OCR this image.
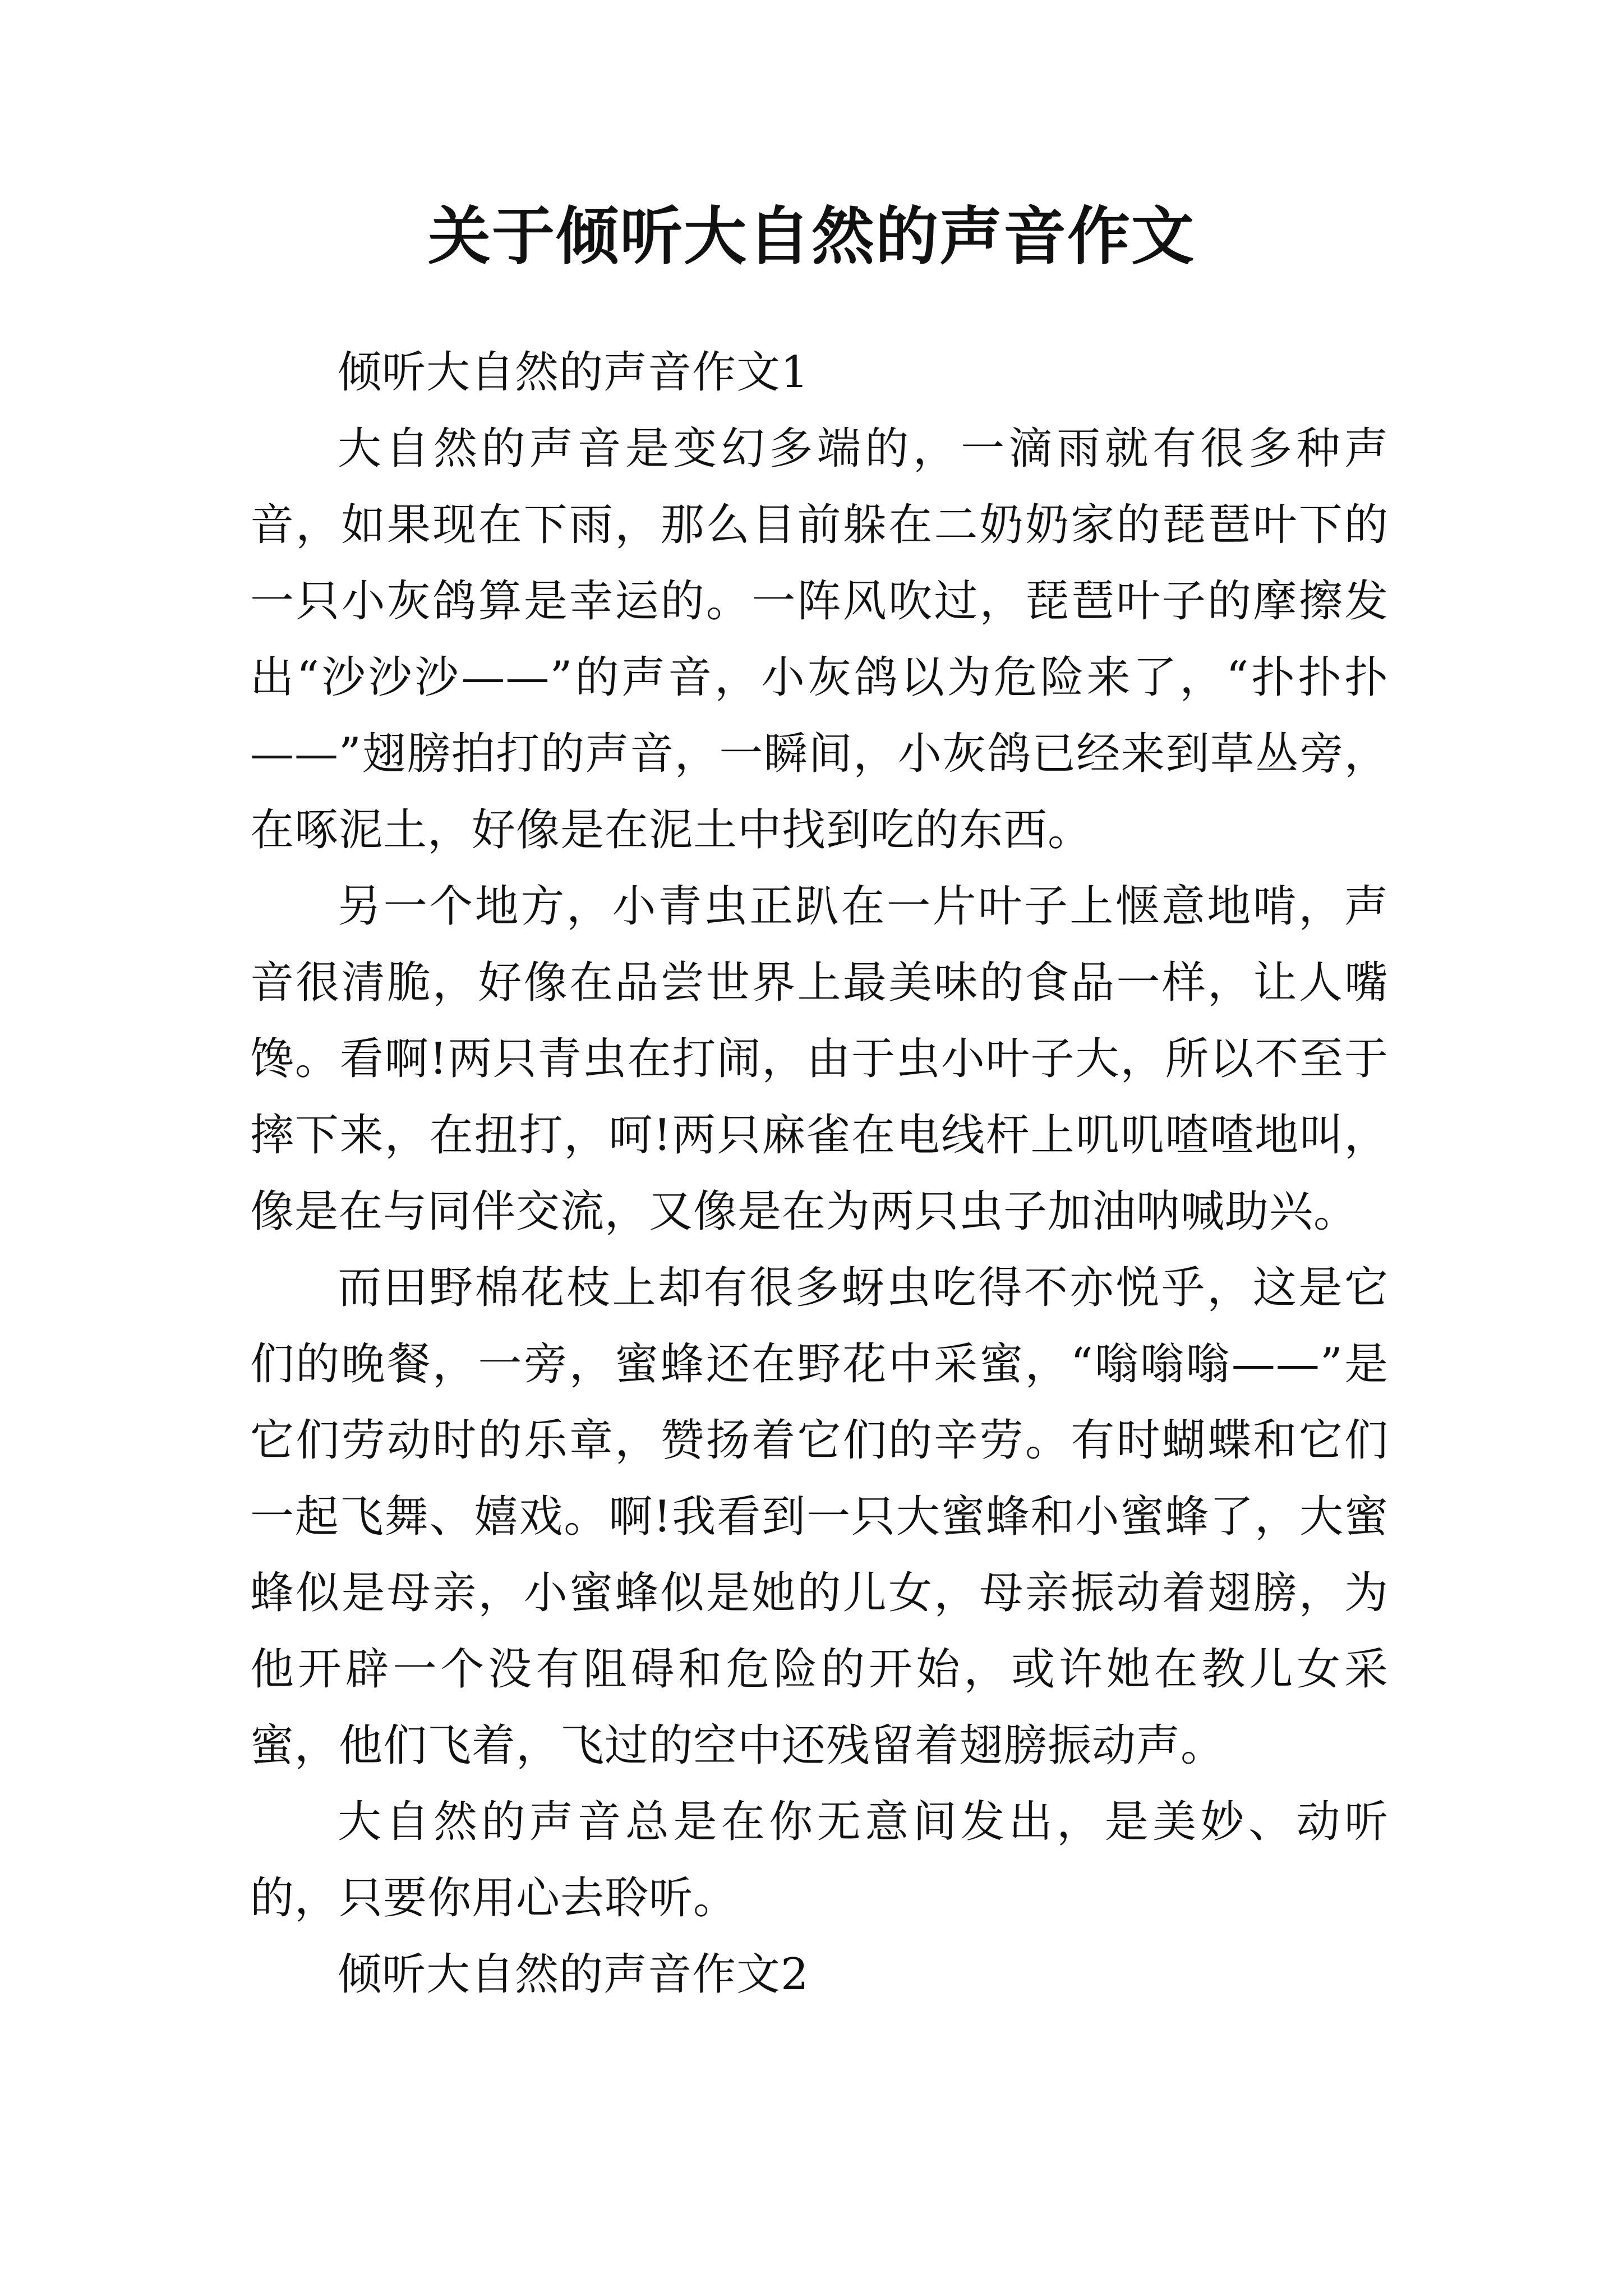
关于倾听大自然的声音作文

倾听大自然的声音作文1

大自然的声音是变幻多端的，一滴雨就有很多种声音，如果现在下雨，那么目前躲在二奶奶家的琵琶叶下的一只小灰鸽算是幸运的。一阵风吹过，琵琶叶子的摩擦发出“沙沙沙——”的声音，小灰鸽以为危险来了，“扑扑扑——”翅膀拍打的声音，一瞬间，小灰鸽已经来到草丛旁，在啄泥土，好像是在泥土中找到吃的东西。

另一个地方，小青虫正趴在一片叶子上惬意地啃，声音很清脆，好像在品尝世界上最美味的食品一样，让人嘴馋。看啊!两只青虫在打闹，由于虫小叶子大，所以不至于摔下来，在扭打，呵!两只麻雀在电线杆上叽叽喳喳地叫，像是在与同伴交流，又像是在为两只虫子加油呐喊助兴。

而田野棉花枝上却有很多蚜虫吃得不亦悦乎，这是它们的晚餐，一旁，蜜蜂还在野花中采蜜，“嗡嗡嗡——”是它们劳动时的乐章，赞扬着它们的辛劳。有时蝴蝶和它们一起飞舞、嬉戏。啊!我看到一只大蜜蜂和小蜜蜂了，大蜜蜂似是母亲，小蜜蜂似是她的儿女，母亲振动着翅膀，为他开辟一个没有阻碍和危险的开始，或许她在教儿女采蜜，他们飞着，飞过的空中还残留着翅膀振动声。

大自然的声音总是在你无意间发出，是美妙、动听的，只要你用心去聆听。

倾听大自然的声音作文2
